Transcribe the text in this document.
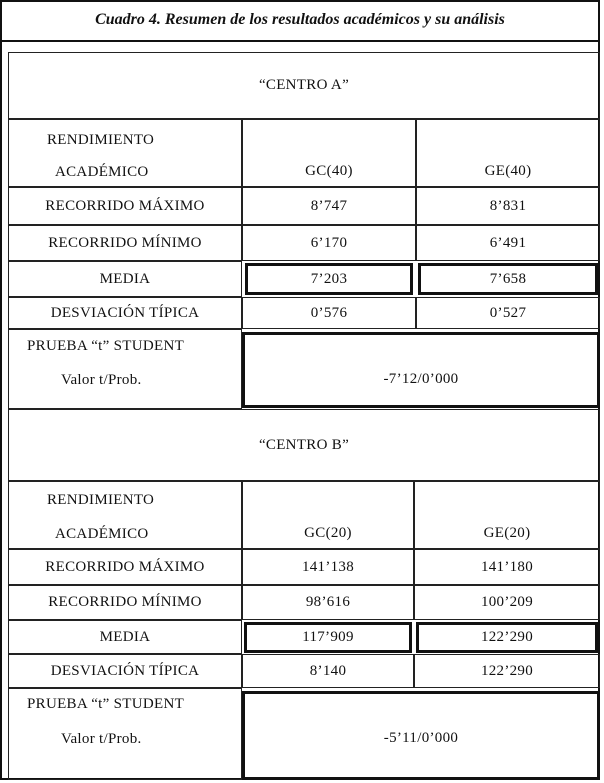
Cuadro 4. Resumen de los resultados académicos y su análisis
“CENTRO A”
RENDIMIENTO
ACADÉMICO	GC(40)	GE(40)
RECORRIDO MÁXIMO	8’747	8’831
RECORRIDO MÍNIMO	6’170	6’491
MEDIA	7’203	7’658
DESVIACIÓN TÍPICA	0’576	0’527
PRUEBA “t” STUDENT
Valor t/Prob.	-7’12/0’000
“CENTRO B”
RENDIMIENTO
ACADÉMICO	GC(20)	GE(20)
RECORRIDO MÁXIMO	141’138	141’180
RECORRIDO MÍNIMO	98’616	100’209
MEDIA	117’909	122’290
DESVIACIÓN TÍPICA	8’140	122’290
PRUEBA “t” STUDENT
Valor t/Prob.	-5’11/0’000
